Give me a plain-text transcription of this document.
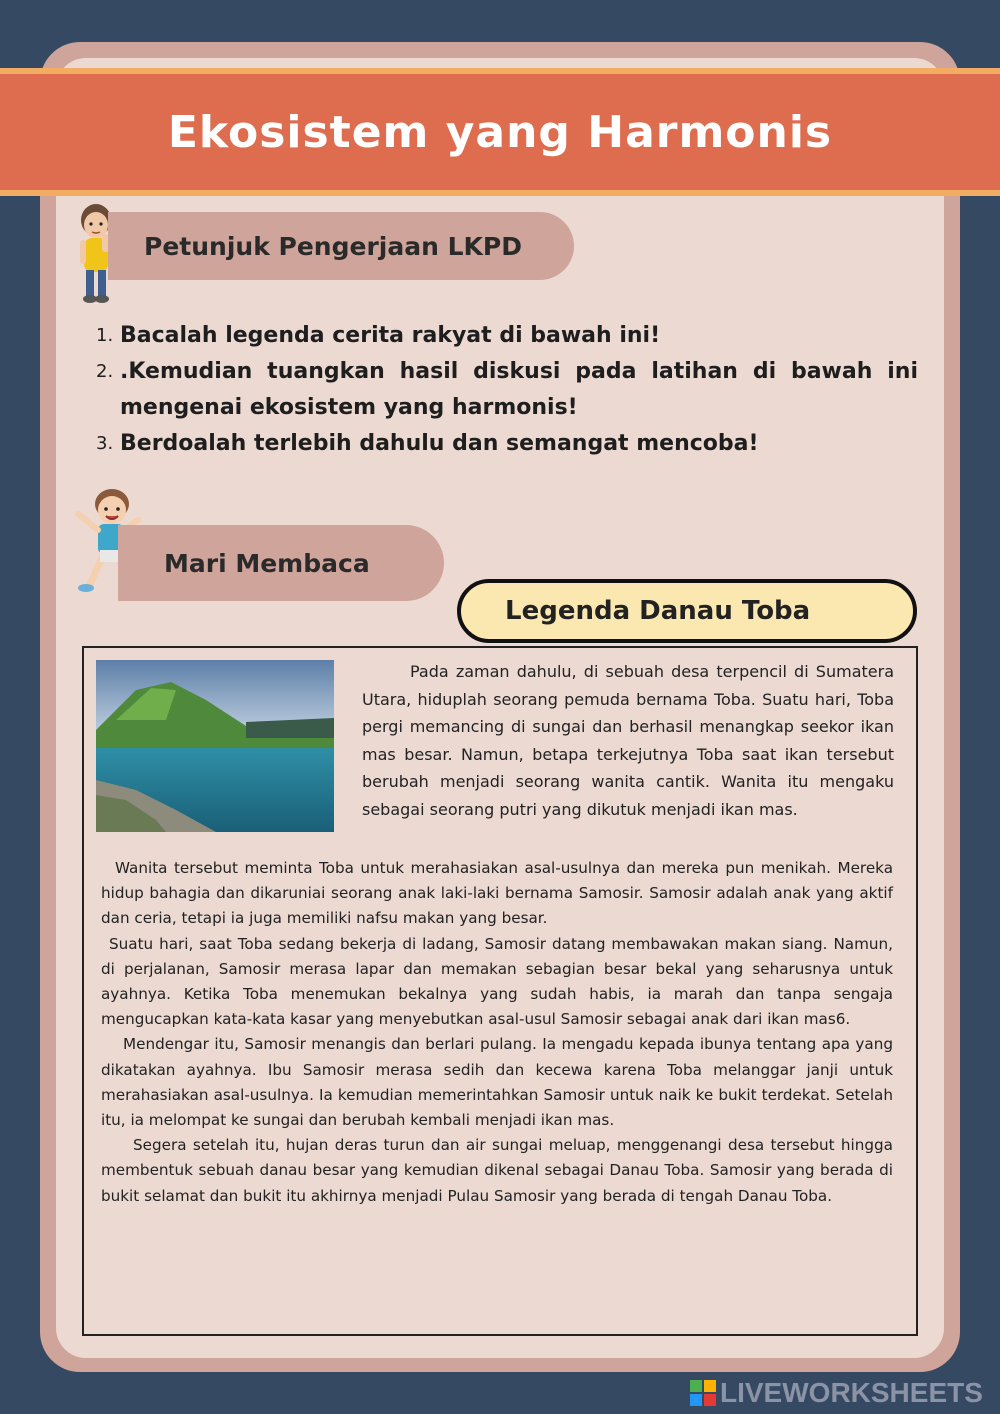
Ekosistem yang Harmonis
Petunjuk Pengerjaan LKPD
1. Bacalah legenda cerita rakyat di bawah ini!
2. .Kemudian tuangkan hasil diskusi pada latihan di bawah ini
mengenai ekosistem yang harmonis!
3. Berdoalah terlebih dahulu dan semangat mencoba!
Mari Membaca
Legenda Danau Toba
Pada zaman dahulu, di sebuah desa terpencil di Sumatera Utara, hiduplah seorang pemuda bernama Toba. Suatu hari, Toba pergi memancing di sungai dan berhasil menangkap seekor ikan mas besar. Namun, betapa terkejutnya Toba saat ikan tersebut berubah menjadi seorang wanita cantik. Wanita itu mengaku sebagai seorang putri yang dikutuk menjadi ikan mas.

Wanita tersebut meminta Toba untuk merahasiakan asal-usulnya dan mereka pun menikah. Mereka hidup bahagia dan dikaruniai seorang anak laki-laki bernama Samosir. Samosir adalah anak yang aktif dan ceria, tetapi ia juga memiliki nafsu makan yang besar.

Suatu hari, saat Toba sedang bekerja di ladang, Samosir datang membawakan makan siang. Namun, di perjalanan, Samosir merasa lapar dan memakan sebagian besar bekal yang seharusnya untuk ayahnya. Ketika Toba menemukan bekalnya yang sudah habis, ia marah dan tanpa sengaja mengucapkan kata-kata kasar yang menyebutkan asal-usul Samosir sebagai anak dari ikan mas6.

Mendengar itu, Samosir menangis dan berlari pulang. Ia mengadu kepada ibunya tentang apa yang dikatakan ayahnya. Ibu Samosir merasa sedih dan kecewa karena Toba melanggar janji untuk merahasiakan asal-usulnya. Ia kemudian memerintahkan Samosir untuk naik ke bukit terdekat. Setelah itu, ia melompat ke sungai dan berubah kembali menjadi ikan mas.

Segera setelah itu, hujan deras turun dan air sungai meluap, menggenangi desa tersebut hingga membentuk sebuah danau besar yang kemudian dikenal sebagai Danau Toba. Samosir yang berada di bukit selamat dan bukit itu akhirnya menjadi Pulau Samosir yang berada di tengah Danau Toba.

LIVEWORKSHEETS
